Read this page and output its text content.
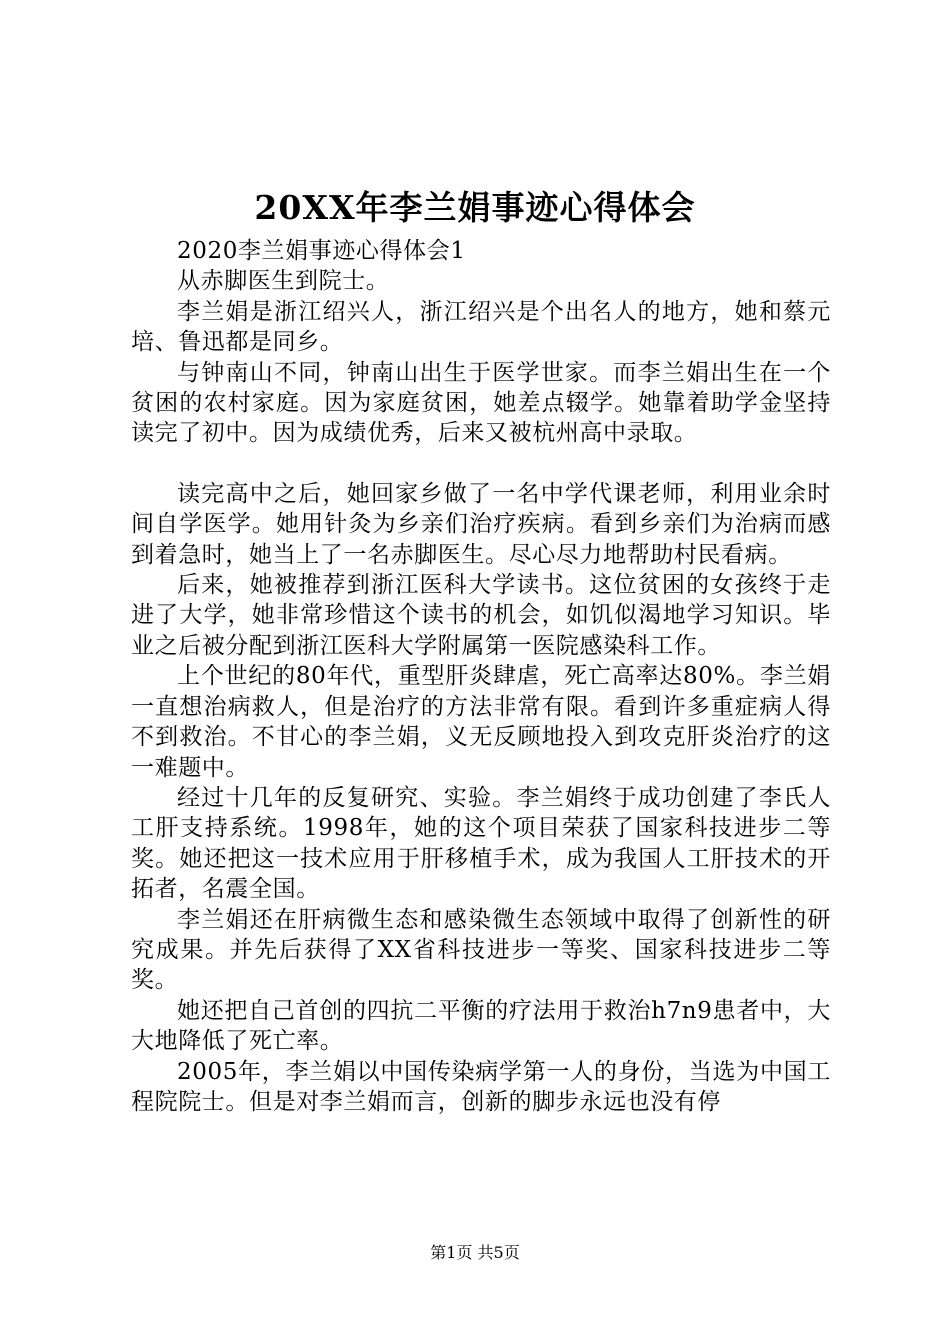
20XX年李兰娟事迹心得体会

2020李兰娟事迹心得体会1

从赤脚医生到院士。

李兰娟是浙江绍兴人，浙江绍兴是个出名人的地方，她和蔡元培、鲁迅都是同乡。

与钟南山不同，钟南山出生于医学世家。而李兰娟出生在一个贫困的农村家庭。因为家庭贫困，她差点辍学。她靠着助学金坚持读完了初中。因为成绩优秀，后来又被杭州高中录取。

读完高中之后，她回家乡做了一名中学代课老师，利用业余时间自学医学。她用针灸为乡亲们治疗疾病。看到乡亲们为治病而感到着急时，她当上了一名赤脚医生。尽心尽力地帮助村民看病。

后来，她被推荐到浙江医科大学读书。这位贫困的女孩终于走进了大学，她非常珍惜这个读书的机会，如饥似渴地学习知识。毕业之后被分配到浙江医科大学附属第一医院感染科工作。

上个世纪的80年代，重型肝炎肆虐，死亡高率达80%。李兰娟一直想治病救人，但是治疗的方法非常有限。看到许多重症病人得不到救治。不甘心的李兰娟，义无反顾地投入到攻克肝炎治疗的这一难题中。

经过十几年的反复研究、实验。李兰娟终于成功创建了李氏人工肝支持系统。1998年，她的这个项目荣获了国家科技进步二等奖。她还把这一技术应用于肝移植手术，成为我国人工肝技术的开拓者，名震全国。

李兰娟还在肝病微生态和感染微生态领域中取得了创新性的研究成果。并先后获得了XX省科技进步一等奖、国家科技进步二等奖。

她还把自己首创的四抗二平衡的疗法用于救治h7n9患者中，大大地降低了死亡率。

2005年，李兰娟以中国传染病学第一人的身份，当选为中国工程院院士。但是对李兰娟而言，创新的脚步永远也没有停

第1页 共5页
